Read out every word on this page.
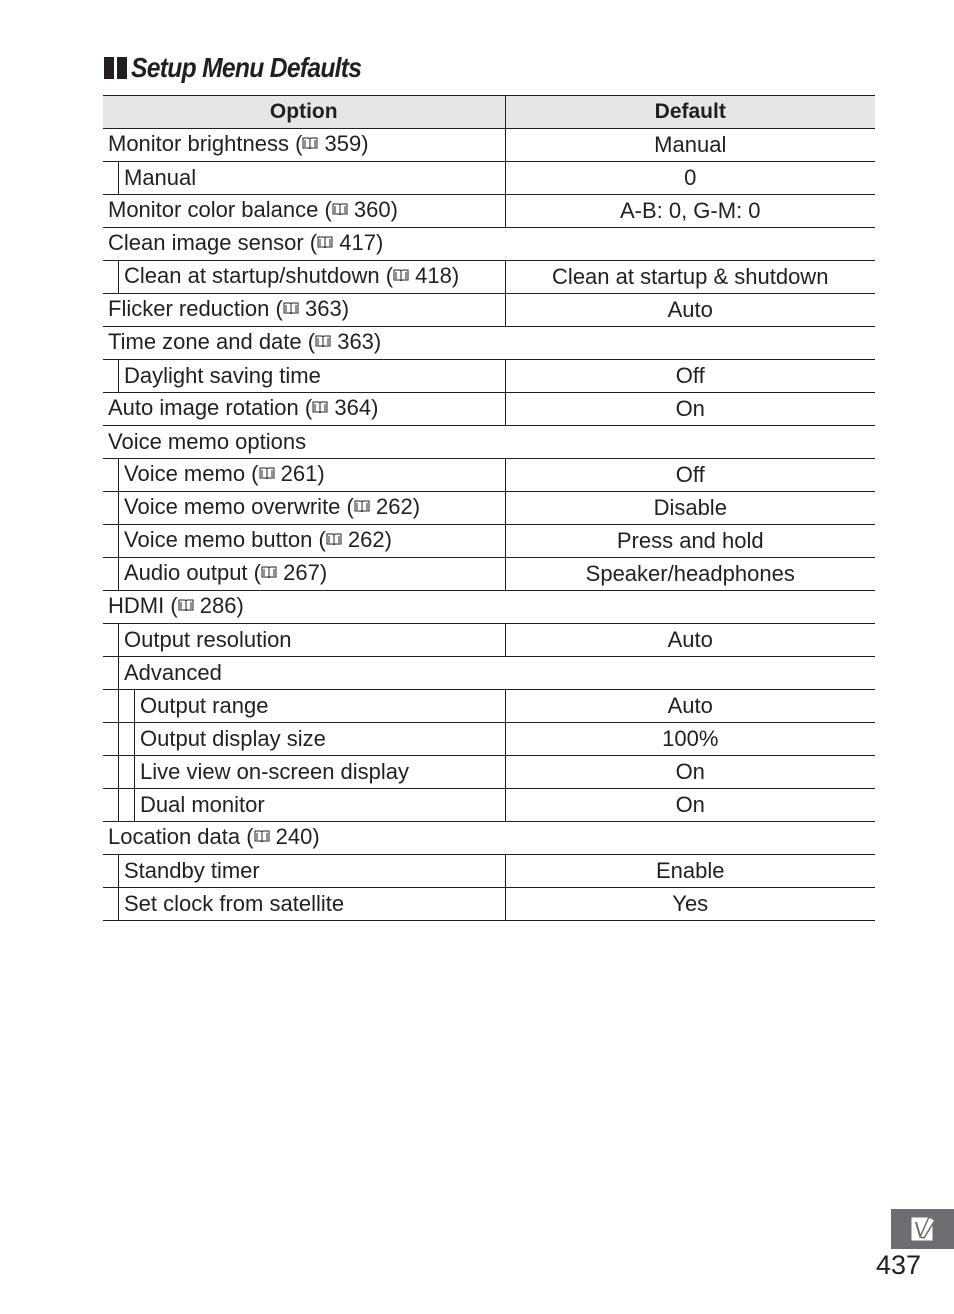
Setup Menu Defaults
Option	Default

Monitor brightness ( 359)	Manual

Manual	0

Monitor color balance ( 360)	A-B: 0, G-M: 0

Clean image sensor ( 417)	

Clean at startup/shutdown ( 418)	Clean at startup & shutdown

Flicker reduction ( 363)	Auto

Time zone and date ( 363)	

Daylight saving time	Off

Auto image rotation ( 364)	On

Voice memo options	

Voice memo ( 261)	Off

Voice memo overwrite ( 262)	Disable

Voice memo button ( 262)	Press and hold

Audio output ( 267)	Speaker/headphones

HDMI ( 286)	

Output resolution	Auto

Advanced	

Output range	Auto

Output display size	100%

Live view on-screen display	On

Dual monitor	On

Location data ( 240)	

Standby timer	Enable

Set clock from satellite	Yes
437
